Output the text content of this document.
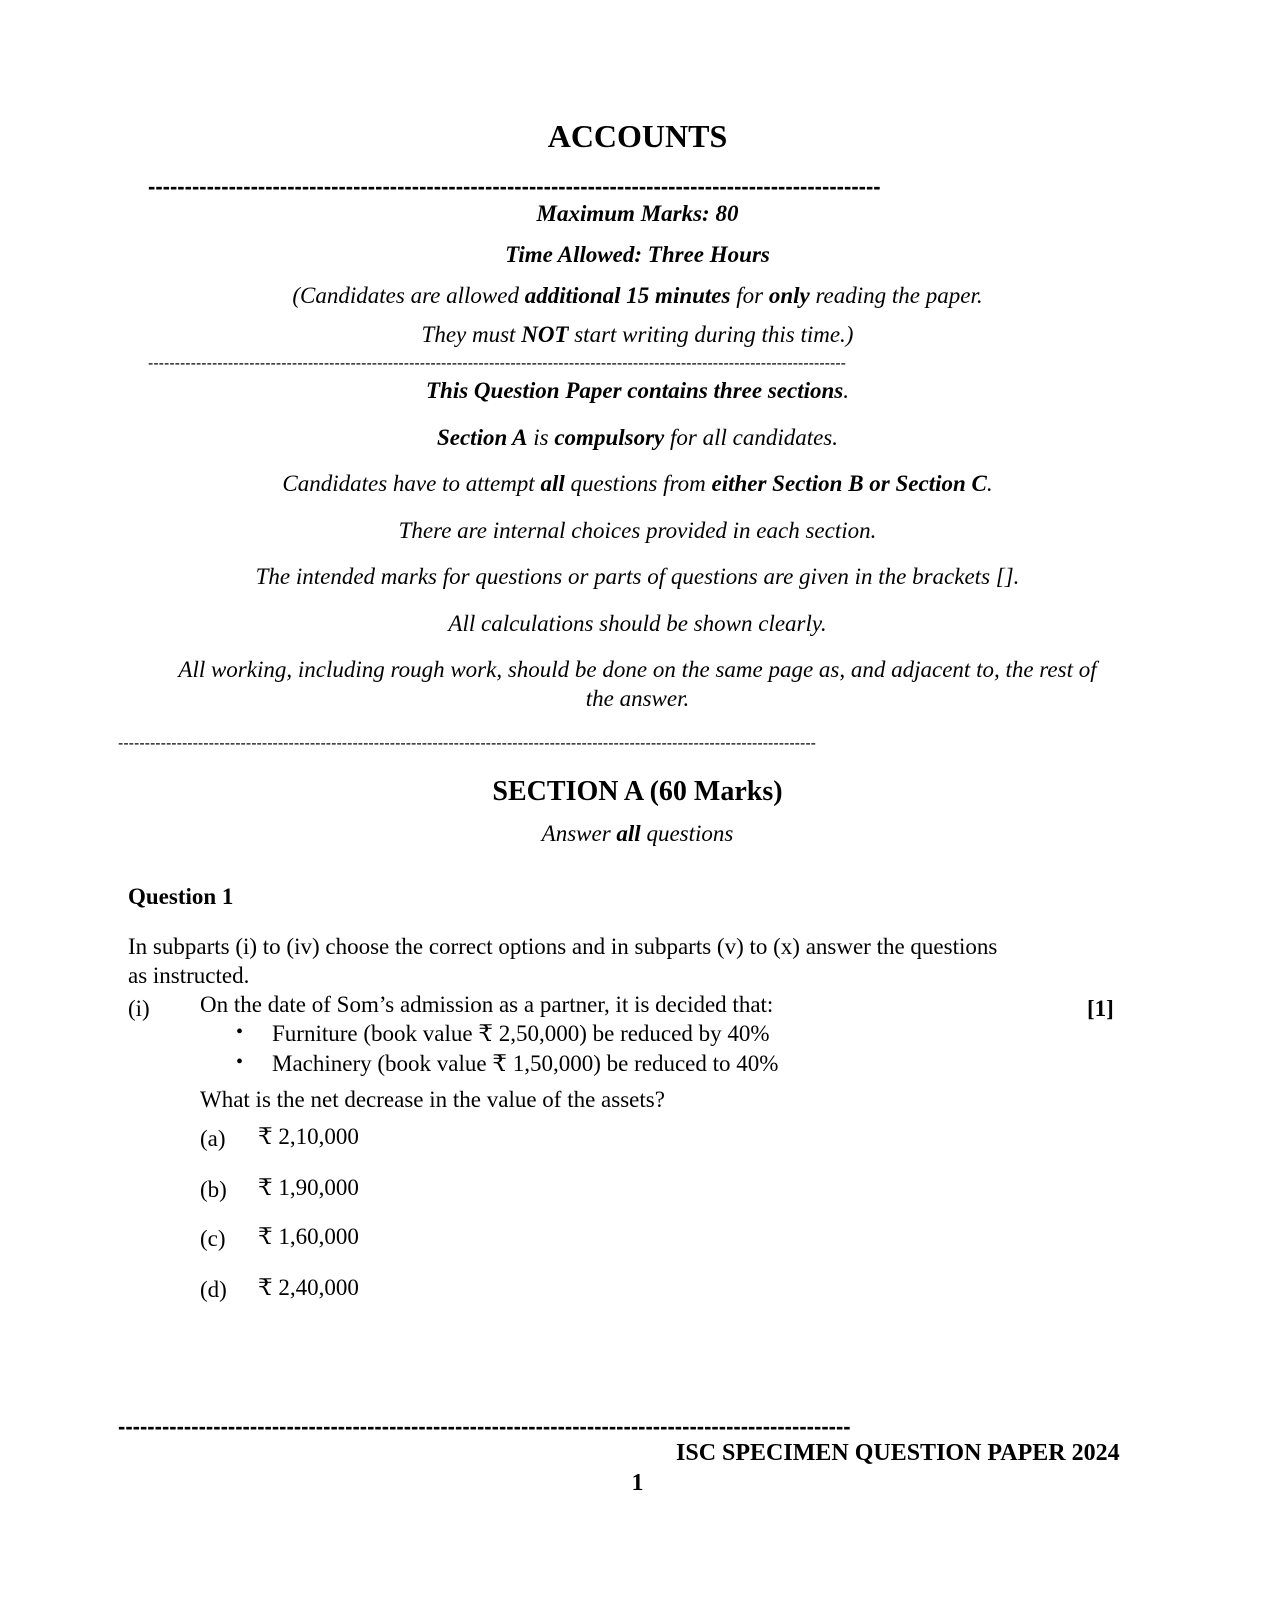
ACCOUNTS
----------------------------------------------------------------------------------------------------
Maximum Marks: 80
Time Allowed: Three Hours
(Candidates are allowed additional 15 minutes for only reading the paper.
They must NOT start writing during this time.)
-----------------------------------------------------------------------------------------------------------------------------------
This Question Paper contains three sections.
Section A is compulsory for all candidates.
Candidates have to attempt all questions from either Section B or Section C.
There are internal choices provided in each section.
The intended marks for questions or parts of questions are given in the brackets [].
All calculations should be shown clearly.
All working, including rough work, should be done on the same page as, and adjacent to, the rest of
the answer.
-----------------------------------------------------------------------------------------------------------------------------------
SECTION A (60 Marks)
Answer all questions
Question 1
In subparts (i) to (iv) choose the correct options and in subparts (v) to (x) answer the questions
as instructed.
(i) On the date of Som’s admission as a partner, it is decided that:	[1]
• Furniture (book value ₹ 2,50,000) be reduced by 40%
• Machinery (book value ₹ 1,50,000) be reduced to 40%
What is the net decrease in the value of the assets?
(a) ₹ 2,10,000
(b) ₹ 1,90,000
(c) ₹ 1,60,000
(d) ₹ 2,40,000
----------------------------------------------------------------------------------------------------
ISC SPECIMEN QUESTION PAPER 2024
1
